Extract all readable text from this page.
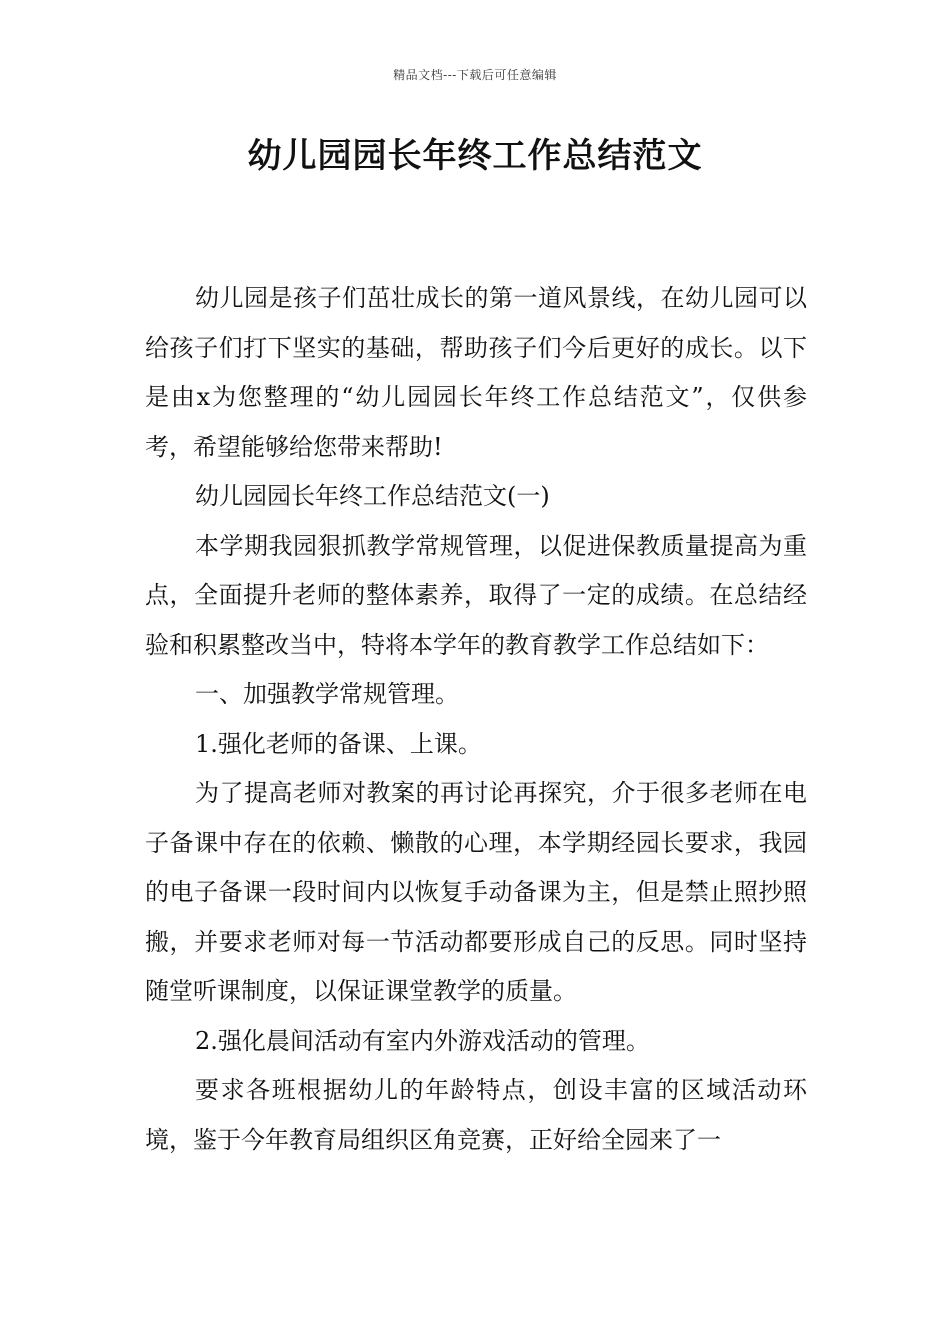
精品文档---下载后可任意编辑
幼儿园园长年终工作总结范文

幼儿园是孩子们茁壮成长的第一道风景线，在幼儿园可以给孩子们打下坚实的基础，帮助孩子们今后更好的成长。以下是由x为您整理的“幼儿园园长年终工作总结范文”，仅供参考，希望能够给您带来帮助!

幼儿园园长年终工作总结范文(一)

本学期我园狠抓教学常规管理，以促进保教质量提高为重点，全面提升老师的整体素养，取得了一定的成绩。在总结经验和积累整改当中，特将本学年的教育教学工作总结如下：

一、加强教学常规管理。

1.强化老师的备课、上课。

为了提高老师对教案的再讨论再探究，介于很多老师在电子备课中存在的依赖、懒散的心理，本学期经园长要求，我园的电子备课一段时间内以恢复手动备课为主，但是禁止照抄照搬，并要求老师对每一节活动都要形成自己的反思。同时坚持随堂听课制度，以保证课堂教学的质量。

2.强化晨间活动有室内外游戏活动的管理。

要求各班根据幼儿的年龄特点，创设丰富的区域活动环境，鉴于今年教育局组织区角竞赛，正好给全园来了一
